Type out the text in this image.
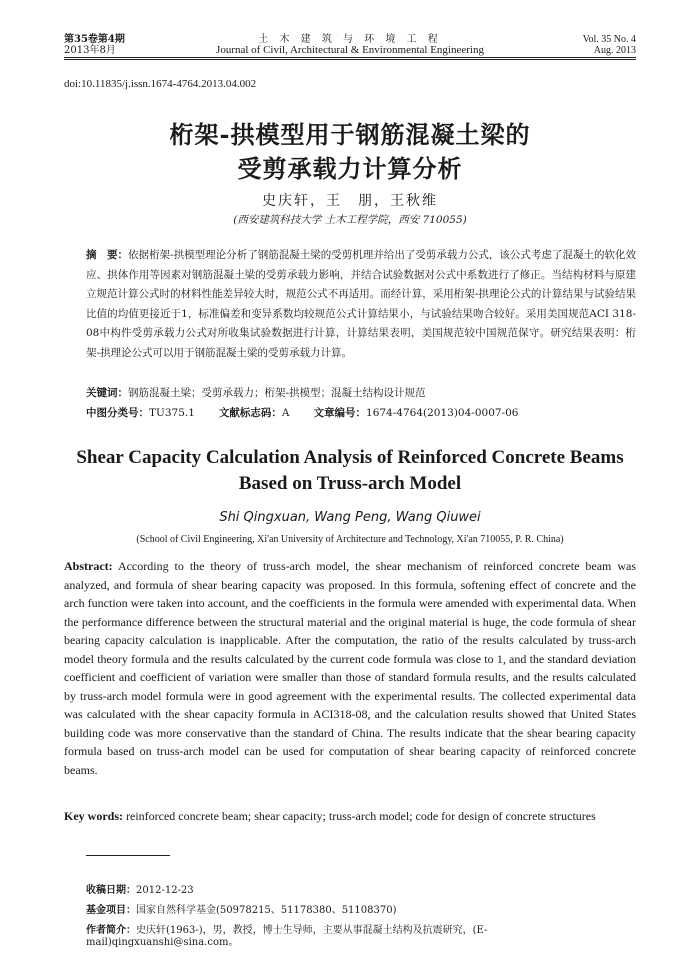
第35卷第4期
2013年8月
土 木 建 筑 与 环 境 工 程
Journal of Civil, Architectural & Environmental Engineering
Vol. 35 No. 4
Aug. 2013
doi:10.11835/j.issn.1674-4764.2013.04.002
桁架-拱模型用于钢筋混凝土梁的
受剪承载力计算分析
史庆轩，王　朋，王秋维
(西安建筑科技大学 土木工程学院，西安 710055)
摘　要：依据桁架-拱模型理论分析了钢筋混凝土梁的受剪机理并给出了受剪承载力公式，该公式考虑了混凝土的软化效应、拱体作用等因素对钢筋混凝土梁的受剪承载力影响，并结合试验数据对公式中系数进行了修正。当结构材料与原建立规范计算公式时的材料性能差异较大时，规范公式不再适用。而经计算，采用桁架-拱理论公式的计算结果与试验结果比值的均值更接近于1，标准偏差和变异系数均较规范公式计算结果小，与试验结果吻合较好。采用美国规范ACI 318-08中构件受剪承载力公式对所收集试验数据进行计算，计算结果表明，美国规范较中国规范保守。研究结果表明：桁架-拱理论公式可以用于钢筋混凝土梁的受剪承载力计算。
关键词：钢筋混凝土梁；受剪承载力；桁架-拱模型；混凝土结构设计规范
中图分类号：TU375.1 文献标志码：A 文章编号：1674-4764(2013)04-0007-06
Shear Capacity Calculation Analysis of Reinforced Concrete Beams
Based on Truss-arch Model
Shi Qingxuan, Wang Peng, Wang Qiuwei
(School of Civil Engineering, Xi'an University of Architecture and Technology, Xi'an 710055, P. R. China)
Abstract: According to the theory of truss-arch model, the shear mechanism of reinforced concrete beam was analyzed, and formula of shear bearing capacity was proposed. In this formula, softening effect of concrete and the arch function were taken into account, and the coefficients in the formula were amended with experimental data. When the performance difference between the structural material and the original material is huge, the code formula of shear bearing capacity calculation is inapplicable. After the computation, the ratio of the results calculated by truss-arch model theory formula and the results calculated by the current code formula was close to 1, and the standard deviation coefficient and coefficient of variation were smaller than those of standard formula results, and the results calculated by truss-arch model formula were in good agreement with the experimental results. The collected experimental data was calculated with the shear capacity formula in ACI318-08, and the calculation results showed that United States building code was more conservative than the standard of China. The results indicate that the shear bearing capacity formula based on truss-arch model can be used for computation of shear bearing capacity of reinforced concrete beams.
Key words: reinforced concrete beam; shear capacity; truss-arch model; code for design of concrete structures
收稿日期：2012-12-23
基金项目：国家自然科学基金(50978215、51178380、51108370)
作者简介：史庆轩(1963-)，男，教授，博士生导师，主要从事混凝土结构及抗震研究，(E-mail)qingxuanshi@sina.com。
